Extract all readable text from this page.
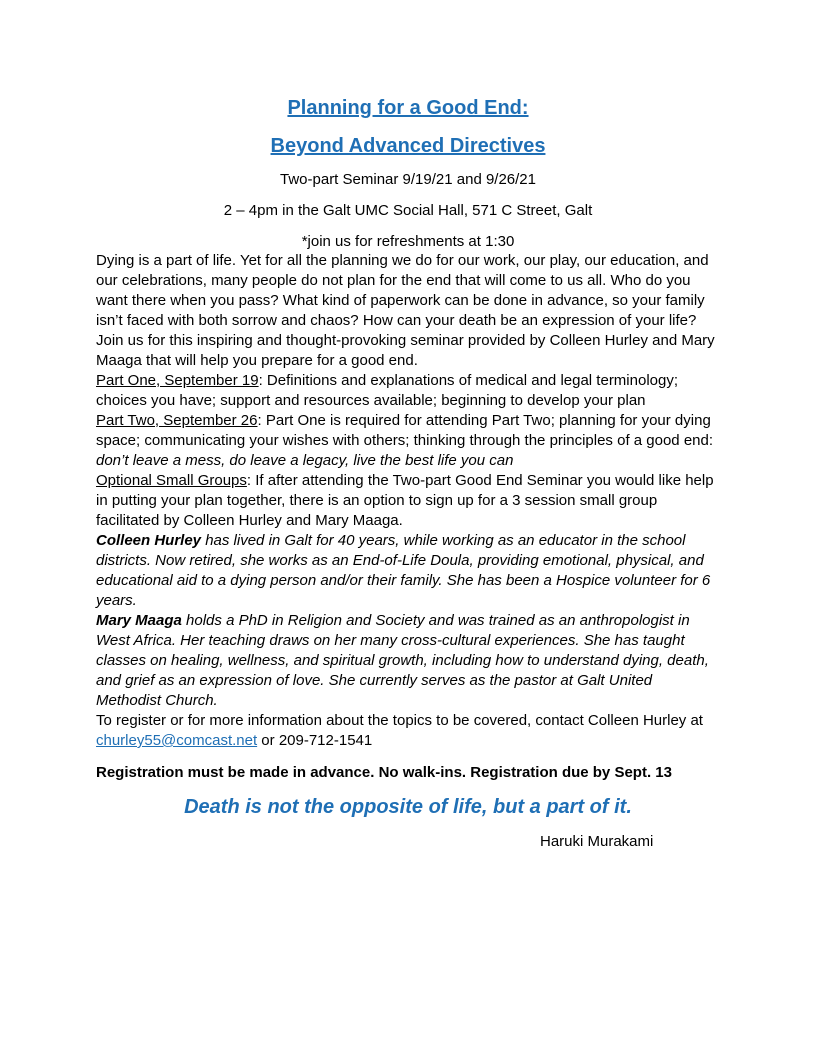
Planning for a Good End:
Beyond Advanced Directives

Two-part Seminar 9/19/21 and 9/26/21

2 – 4pm in the Galt UMC Social Hall, 571 C Street, Galt

*join us for refreshments at 1:30

Dying is a part of life. Yet for all the planning we do for our work, our play, our education, and our celebrations, many people do not plan for the end that will come to us all. Who do you want there when you pass? What kind of paperwork can be done in advance, so your family isn’t faced with both sorrow and chaos? How can your death be an expression of your life? Join us for this inspiring and thought-provoking seminar provided by Colleen Hurley and Mary Maaga that will help you prepare for a good end.

Part One, September 19: Definitions and explanations of medical and legal terminology; choices you have; support and resources available; beginning to develop your plan

Part Two, September 26: Part One is required for attending Part Two; planning for your dying space; communicating your wishes with others; thinking through the principles of a good end: don’t leave a mess, do leave a legacy, live the best life you can

Optional Small Groups: If after attending the Two-part Good End Seminar you would like help in putting your plan together, there is an option to sign up for a 3 session small group facilitated by Colleen Hurley and Mary Maaga.

Colleen Hurley has lived in Galt for 40 years, while working as an educator in the school districts. Now retired, she works as an End-of-Life Doula, providing emotional, physical, and educational aid to a dying person and/or their family. She has been a Hospice volunteer for 6 years.

Mary Maaga holds a PhD in Religion and Society and was trained as an anthropologist in West Africa. Her teaching draws on her many cross-cultural experiences. She has taught classes on healing, wellness, and spiritual growth, including how to understand dying, death, and grief as an expression of love. She currently serves as the pastor at Galt United Methodist Church.

To register or for more information about the topics to be covered, contact Colleen Hurley at churley55@comcast.net or 209-712-1541

Registration must be made in advance. No walk-ins. Registration due by Sept. 13

Death is not the opposite of life, but a part of it.

Haruki Murakami
